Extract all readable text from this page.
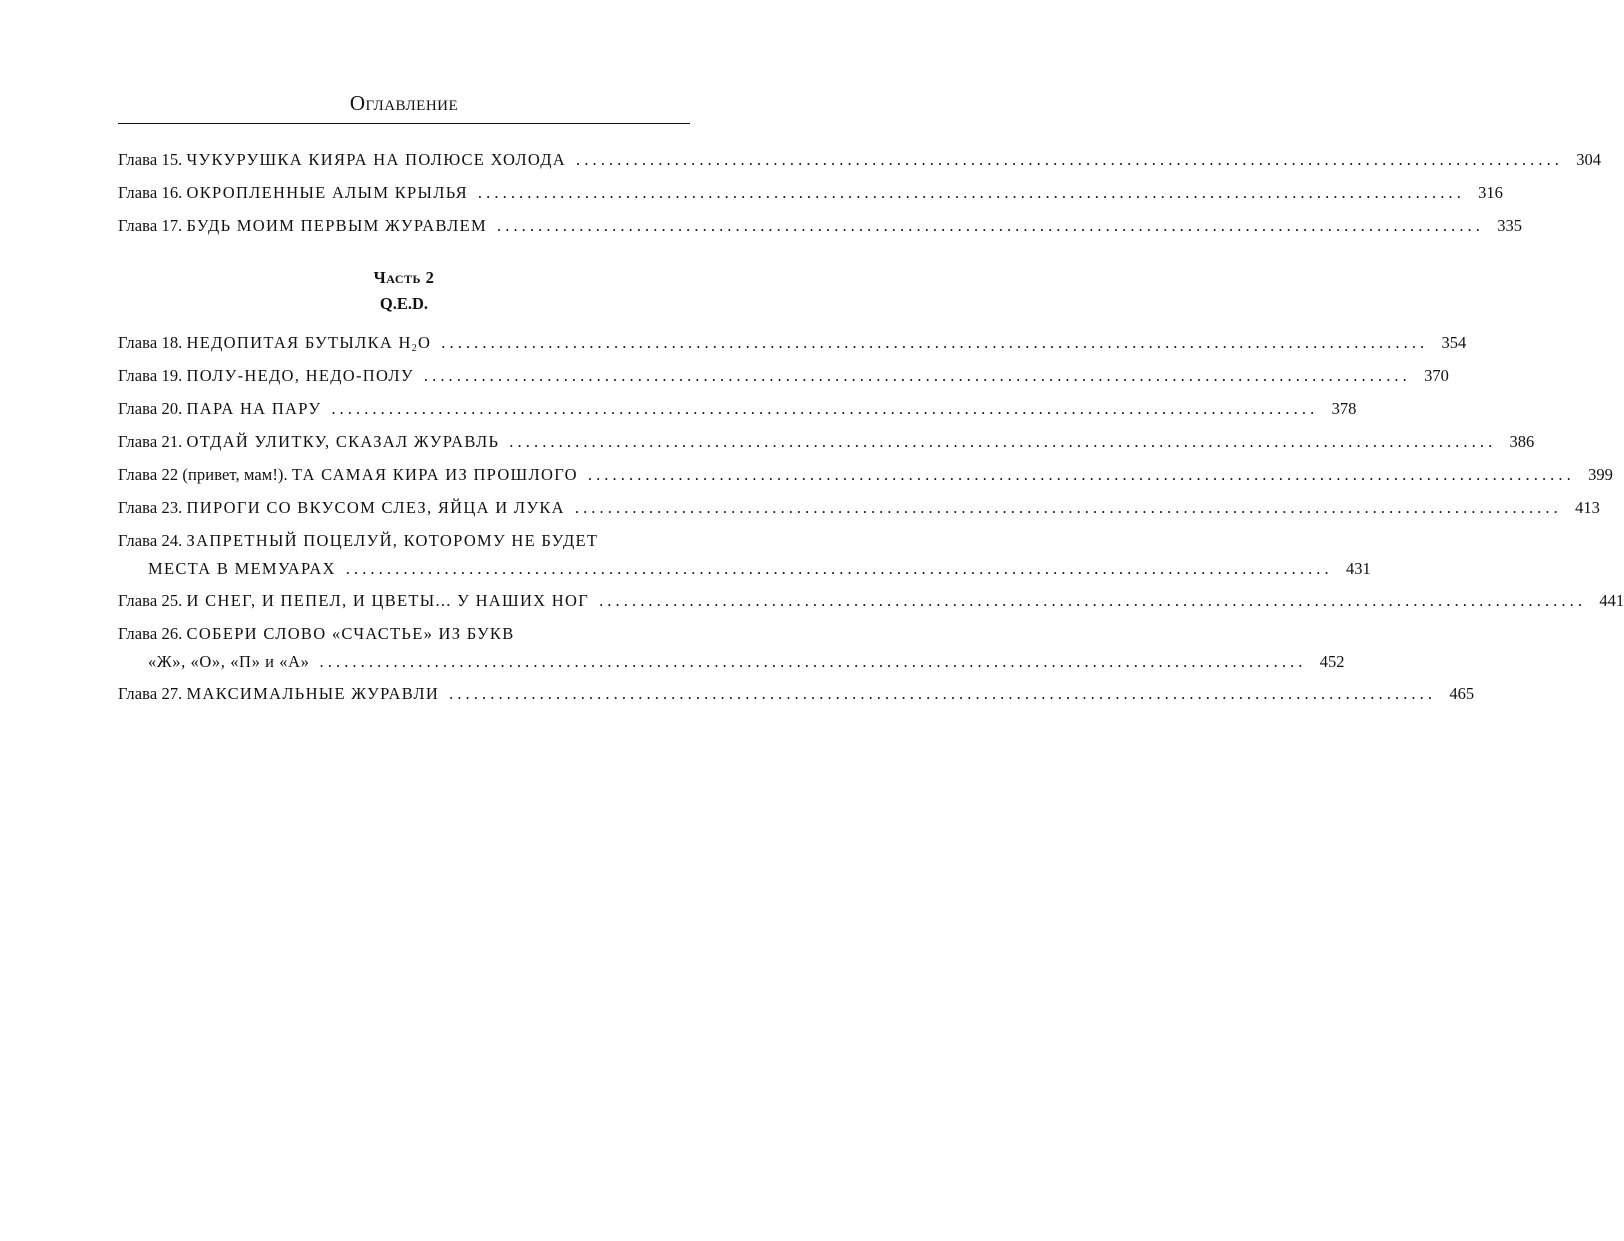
Оглавление
Глава 15.
ЧУКУРУШКА КИЯРА НА ПОЛЮСЕ ХОЛОДА ........................................................................................................................ 304
Глава 16.
ОКРОПЛЕННЫЕ АЛЫМ КРЫЛЬЯ ........................................................................................................................ 316
Глава 17.
БУДЬ МОИМ ПЕРВЫМ ЖУРАВЛЕМ ........................................................................................................................ 335
Часть 2
Q.E.D.
Глава 18.
НЕДОПИТАЯ БУТЫЛКА $H_2O$ ........................................................................................................................ 354
Глава 19.
ПОЛУ-НЕДО, НЕДО-ПОЛУ ........................................................................................................................ 370
Глава 20.
ПАРА НА ПАРУ ........................................................................................................................ 378
Глава 21.
ОТДАЙ УЛИТКУ, СКАЗАЛ ЖУРАВЛЬ ........................................................................................................................ 386
Глава 22 (привет, мам!).
ТА САМАЯ КИРА ИЗ ПРОШЛОГО ........................................................................................................................ 399
Глава 23.
ПИРОГИ СО ВКУСОМ СЛЕЗ, ЯЙЦА И ЛУКА ........................................................................................................................ 413
Глава 24.
ЗАПРЕТНЫЙ ПОЦЕЛУЙ, КОТОРОМУ НЕ БУДЕТ
МЕСТА В МЕМУАРАХ ........................................................................................................................ 431
Глава 25.
И СНЕГ, И ПЕПЕЛ, И ЦВЕТЫ... У НАШИХ НОГ ........................................................................................................................ 441
Глава 26.
СОБЕРИ СЛОВО «СЧАСТЬЕ» ИЗ БУКВ
«Ж», «О», «П» и «А» ........................................................................................................................ 452
Глава 27.
МАКСИМАЛЬНЫЕ ЖУРАВЛИ ........................................................................................................................ 465
